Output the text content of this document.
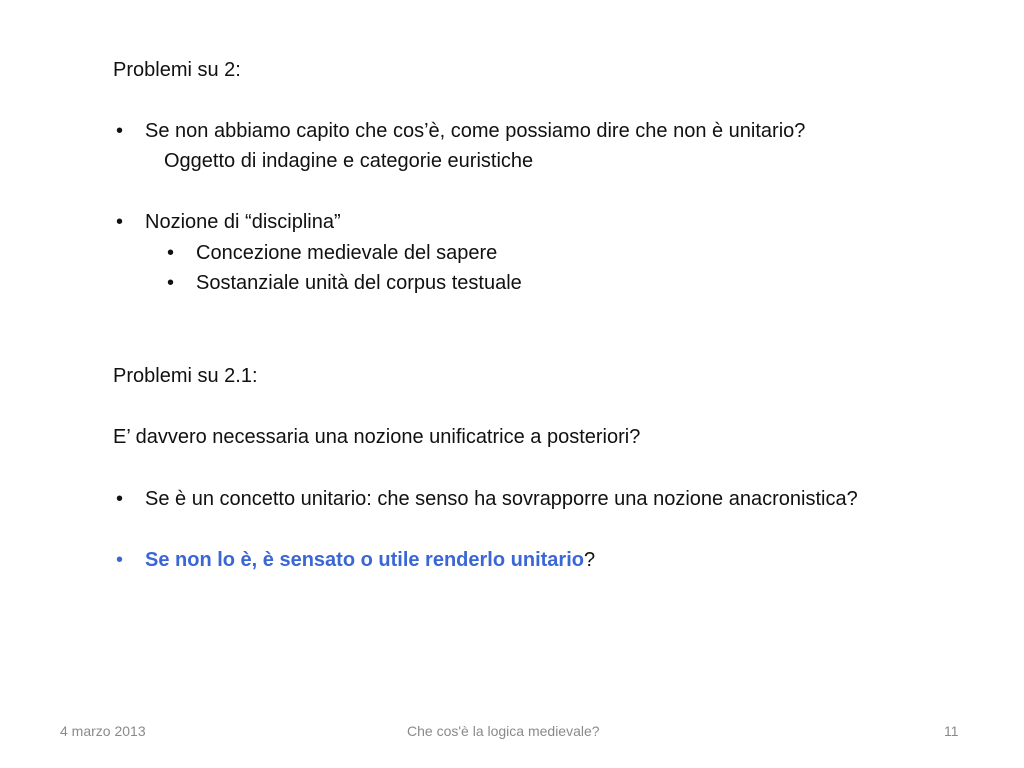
Problemi su 2:
• Se non abbiamo capito che cos’è, come possiamo dire che non è unitario?
Oggetto di indagine e categorie euristiche
• Nozione di “disciplina”
• Concezione medievale del sapere
• Sostanziale unità del corpus testuale
Problemi su 2.1:
E’ davvero necessaria una nozione unificatrice a posteriori?
• Se è un concetto unitario: che senso ha sovrapporre una nozione anacronistica?
• Se non lo è, è sensato o utile renderlo unitario?
4 marzo 2013	Che cos'è la logica medievale?	11
